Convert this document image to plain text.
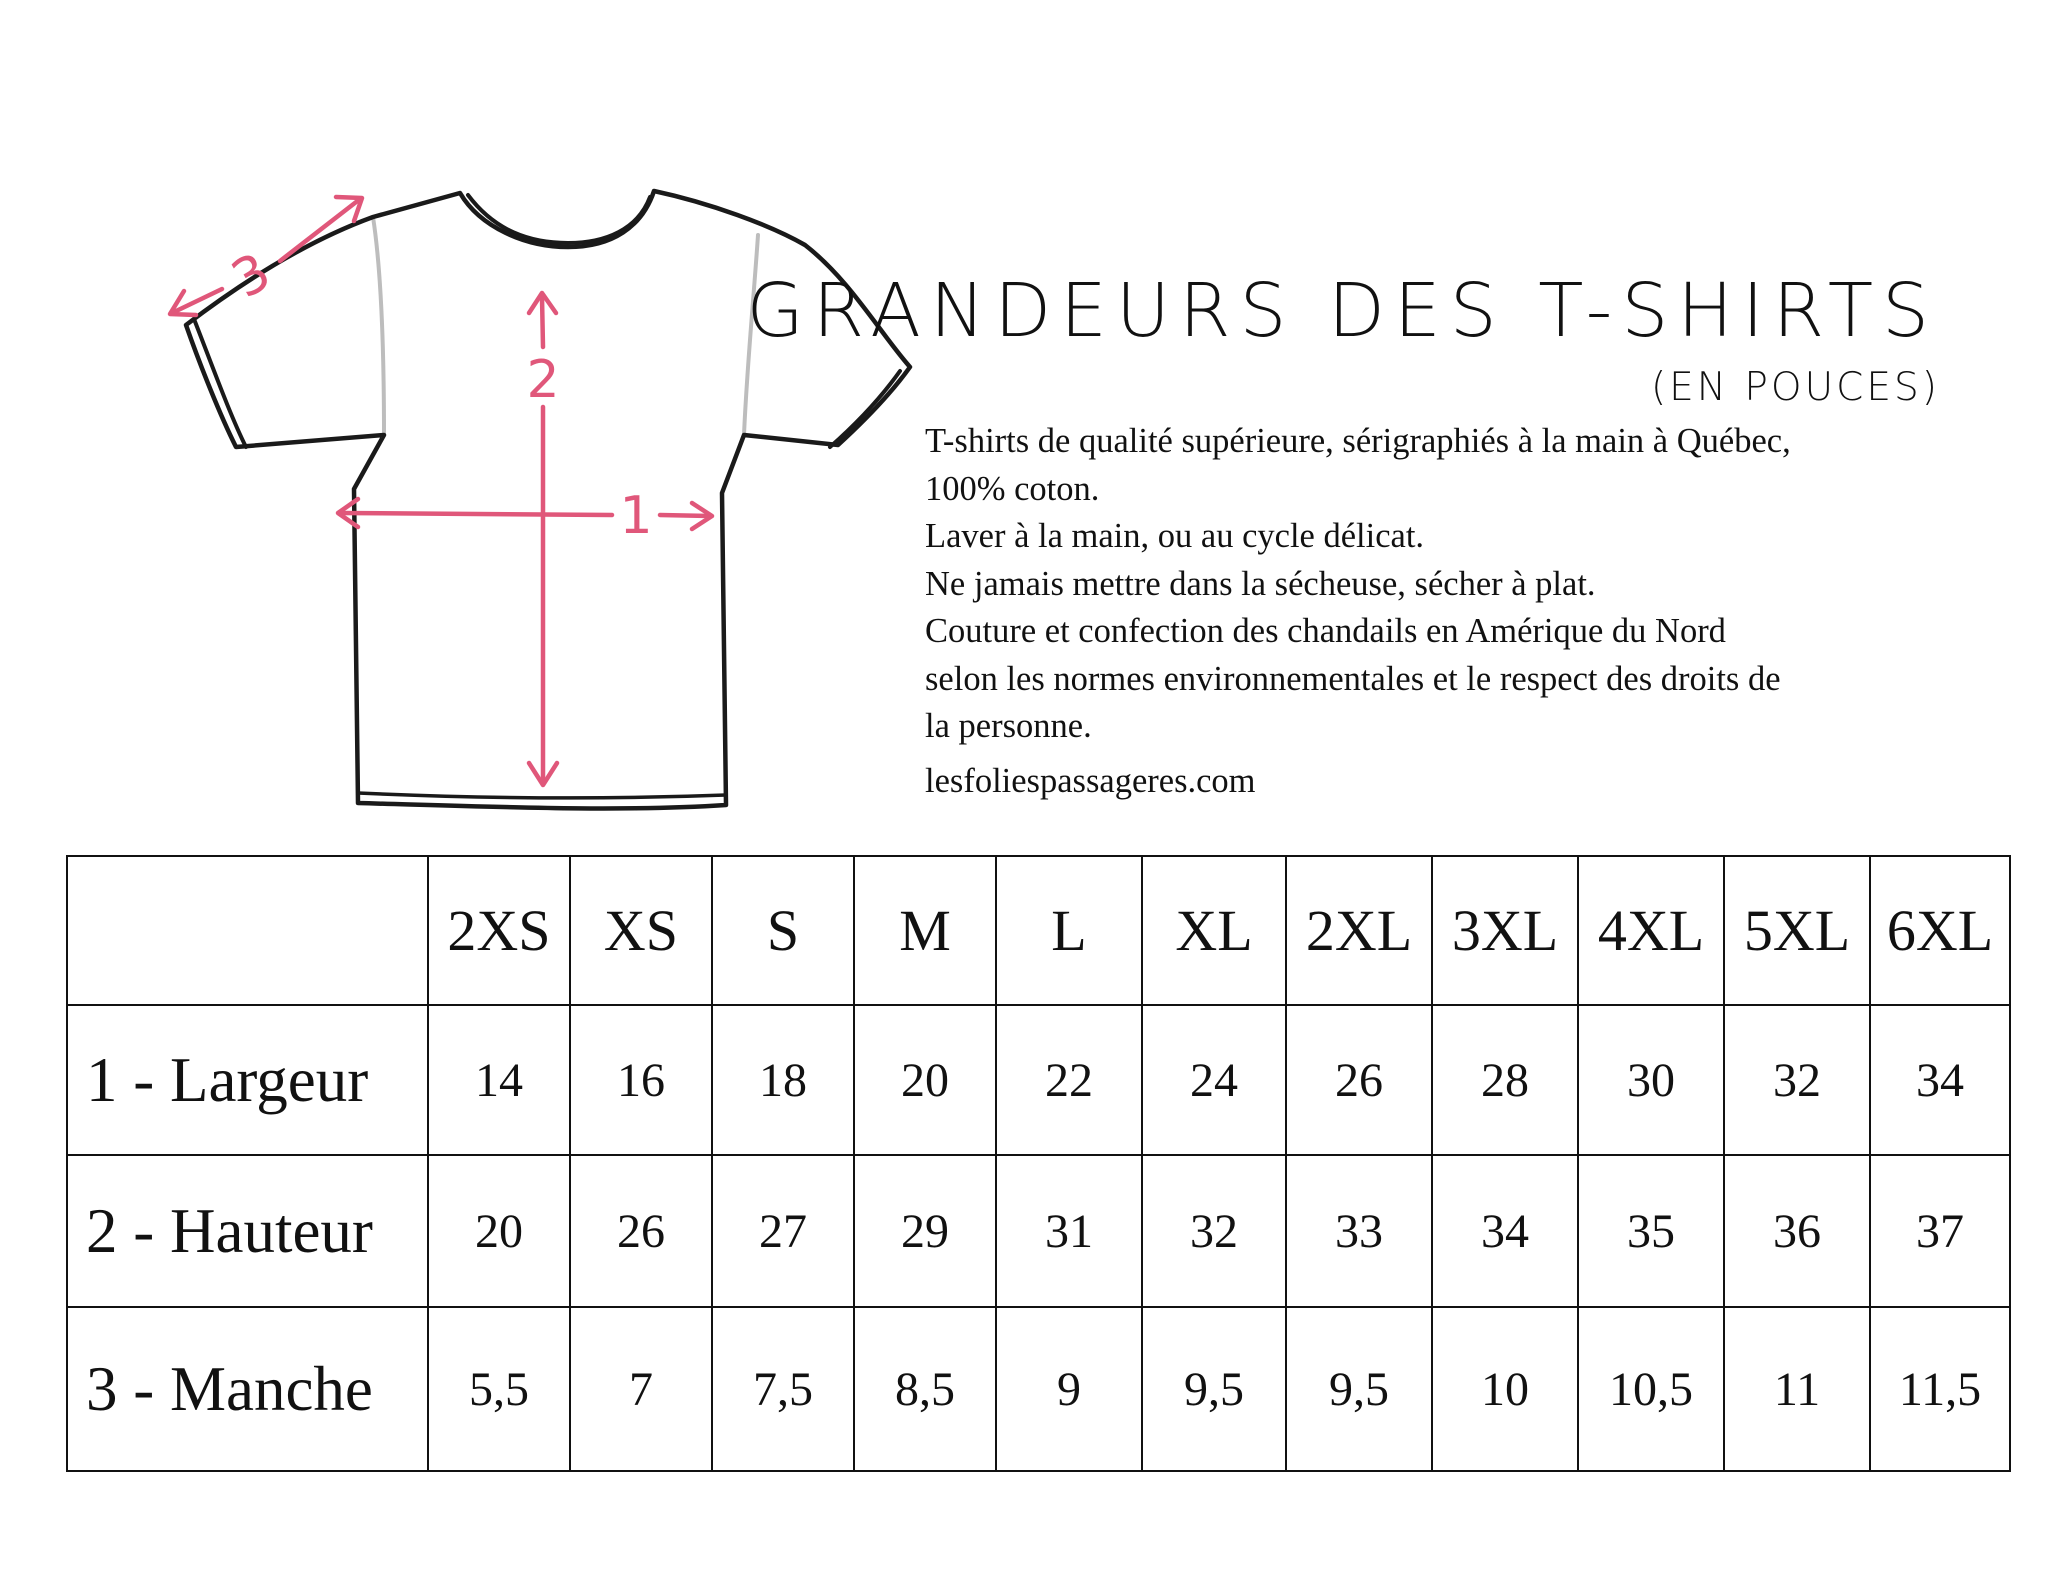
1
2
3	GRANDEURS DES T-SHIRTS
(EN POUCES)
T-shirts de qualité supérieure, sérigraphiés à la main à Québec,
100% coton.
Laver à la main, ou au cycle délicat.
Ne jamais mettre dans la sécheuse, sécher à plat.
Couture et confection des chandails en Amérique du Nord
selon les normes environnementales et le respect des droits de
la personne.
lesfoliespassageres.com
	2XS	XS	S	M	L	XL	2XL	3XL	4XL	5XL	6XL
1 - Largeur	14	16	18	20	22	24	26	28	30	32	34
2 - Hauteur	20	26	27	29	31	32	33	34	35	36	37
3 - Manche	5,5	7	7,5	8,5	9	9,5	9,5	10	10,5	11	11,5
